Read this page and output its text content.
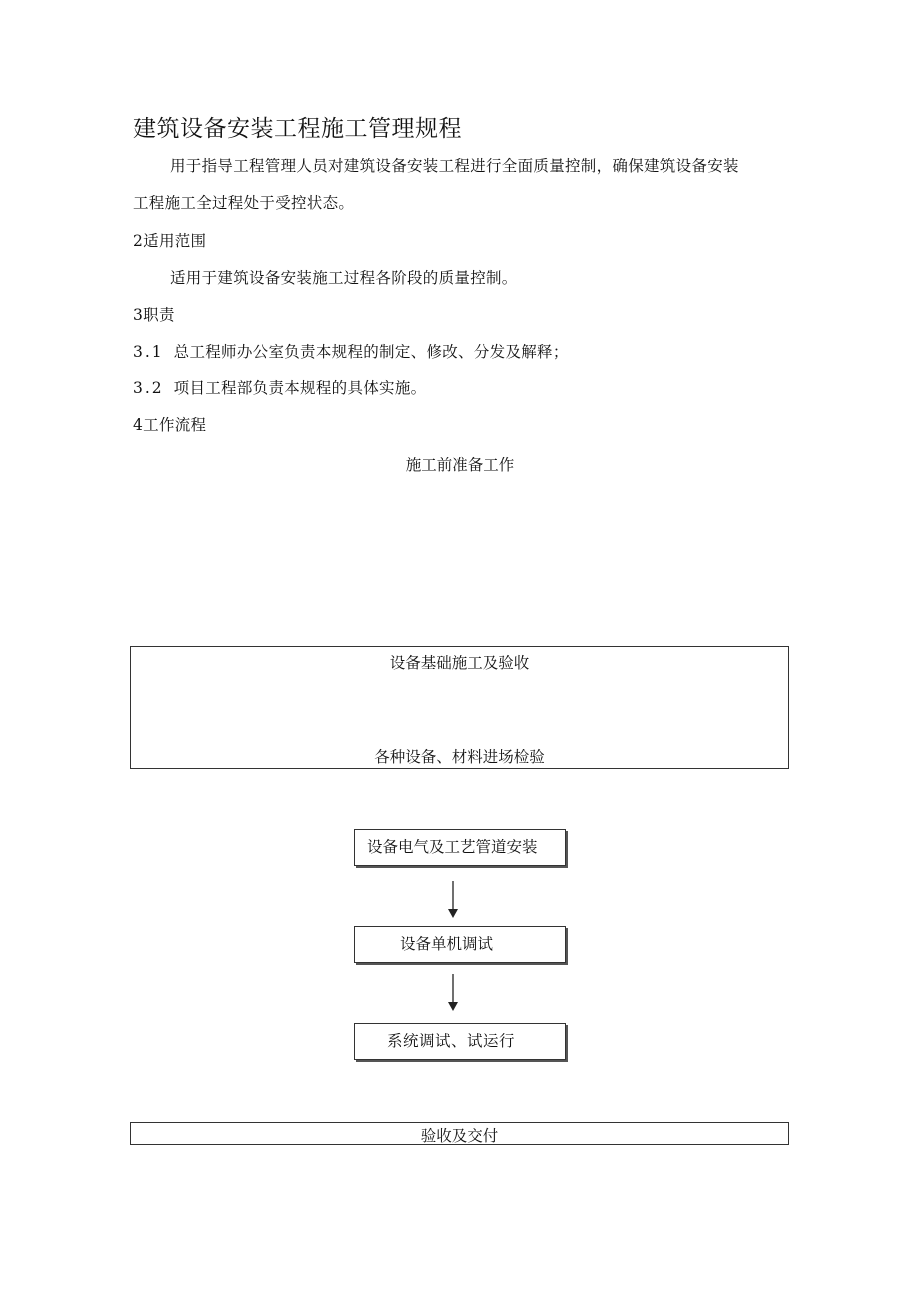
建筑设备安装工程施工管理规程
用于指导工程管理人员对建筑设备安装工程进行全面质量控制，确保建筑设备安装
工程施工全过程处于受控状态。
2适用范围
适用于建筑设备安装施工过程各阶段的质量控制。
3职责
3.1 总工程师办公室负责本规程的制定、修改、分发及解释；
3.2 项目工程部负责本规程的具体实施。
4工作流程
施工前准备工作
设备基础施工及验收
各种设备、材料进场检验
设备电气及工艺管道安装
设备单机调试
系统调试、试运行
验收及交付
